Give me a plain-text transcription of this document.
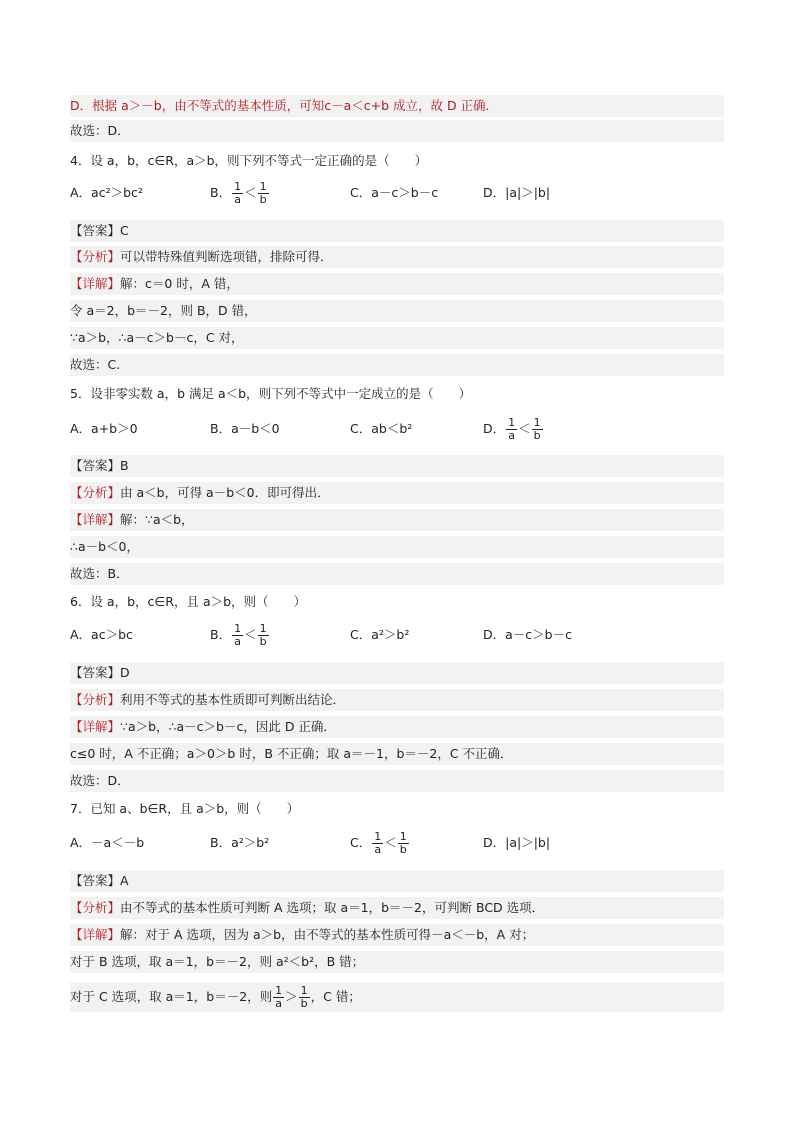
D．根据 a＞－b，由不等式的基本性质，可知c－a＜c+b 成立，故 D 正确．
故选：D.
4．设 a，b，c∈R，a＞b，则下列不等式一定正确的是（　　）
A．ac²＞bc²	B． $\frac{1}{a} < \frac{1}{b}$	C．a－c＞b－c	D．|a|＞|b|
【答案】C
【分析】可以带特殊值判断选项错，排除可得．
【详解】解：c＝0 时，A 错，
令 a＝2，b＝－2，则 B，D 错，
∵a＞b，∴a－c＞b－c，C 对，
故选：C.
5．设非零实数 a，b 满足 a＜b，则下列不等式中一定成立的是（　　）
A．a+b＞0	B．a－b＜0	C．ab＜b²	D． $\frac{1}{a} < \frac{1}{b}$
【答案】B
【分析】由 a＜b，可得 a－b＜0．即可得出．
【详解】解：∵a＜b，
∴a－b＜0，
故选：B．
6．设 a，b，c∈R，且 a＞b，则（　　）
A．ac＞bc	B． $\frac{1}{a} < \frac{1}{b}$	C．a²＞b²	D．a－c＞b－c
【答案】D
【分析】利用不等式的基本性质即可判断出结论．
【详解】∵a＞b，∴a－c＞b－c，因此 D 正确．
c≤0 时，A 不正确；a＞0＞b 时，B 不正确；取 a＝－1，b＝－2，C 不正确．
故选：D．
7．已知 a、b∈R，且 a＞b，则（　　）
A．－a＜－b	B．a²＞b²	C． $\frac{1}{a} < \frac{1}{b}$	D．|a|＞|b|
【答案】A
【分析】由不等式的基本性质可判断 A 选项；取 a＝1，b＝－2，可判断 BCD 选项．
【详解】解：对于 A 选项，因为 a＞b，由不等式的基本性质可得－a＜－b，A 对；
对于 B 选项，取 a＝1，b＝－2，则 a²＜b²，B 错；
对于 C 选项，取 a＝1，b＝－2，则 $\frac{1}{a} > \frac{1}{b}$ ，C 错；
